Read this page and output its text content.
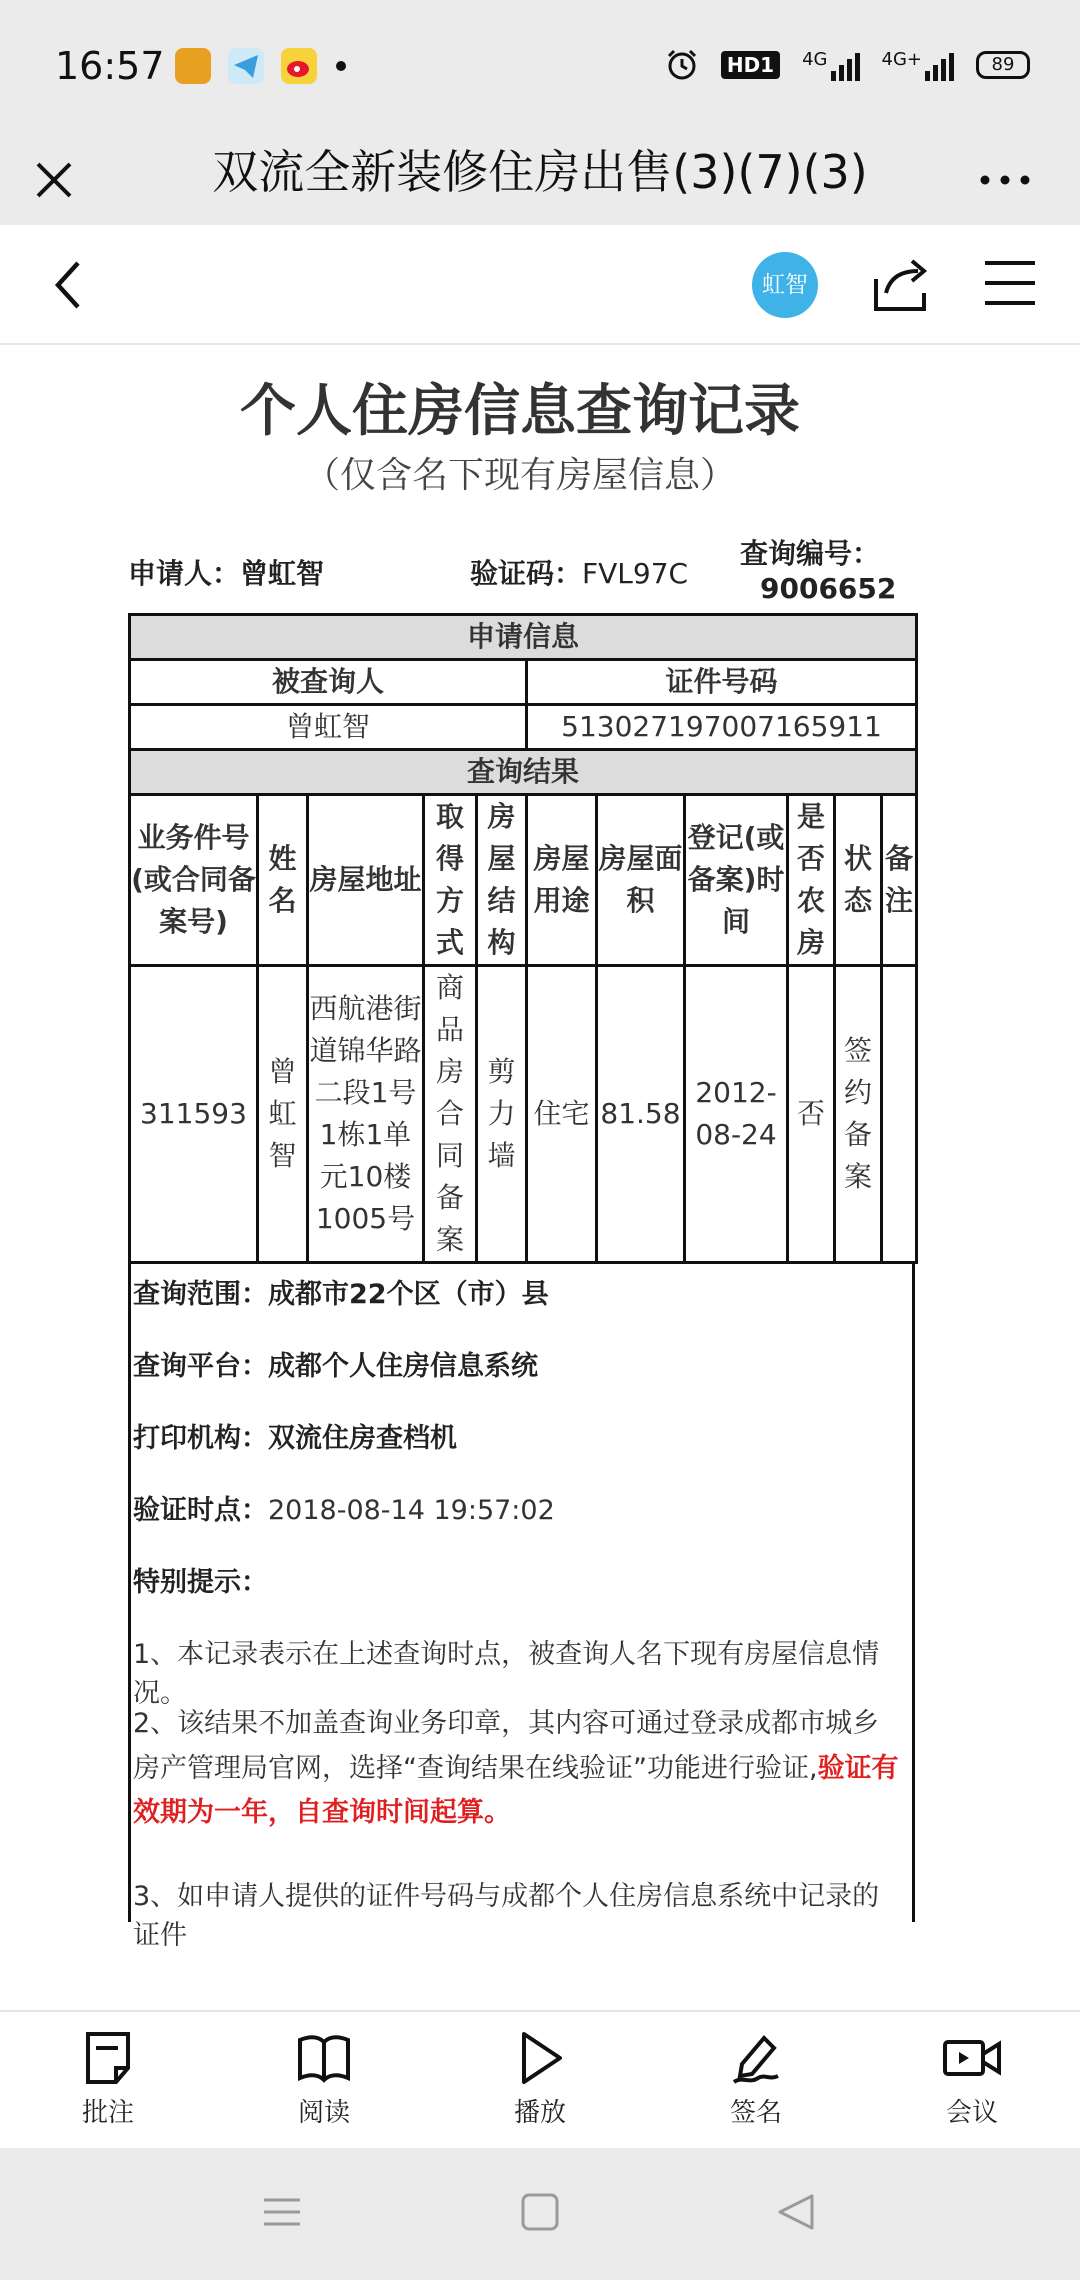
16:57	HD1	4G	4G+	89
双流全新装修住房出售(3)(7)(3)
虹智
个人住房信息查询记录
（仅含名下现有房屋信息）
申请人：曾虹智	验证码：FVL97C
查询编号：
9006652
申请信息										
被查询人					证件号码					
曾虹智					513027197007165911					
查询结果										
业务件号(或合同备案号)	姓名	房屋地址	取得方式	房屋结构	房屋用途	房屋面积	登记(或备案)时间	是否农房	状态	备注
311593	曾虹智	西航港街道锦华路二段1号1栋1单元10楼1005号	商品房合同备案	剪力墙	住宅	81.58	2012-08-24	否	签约备案	

查询范围：成都市22个区（市）县

查询平台：成都个人住房信息系统

打印机构：双流住房查档机

验证时点：2018-08-14 19:57:02

特别提示：

1、本记录表示在上述查询时点，被查询人名下现有房屋信息情况。

2、该结果不加盖查询业务印章，其内容可通过登录成都市城乡房产管理局官网，选择“查询结果在线验证”功能进行验证,验证有效期为一年，自查询时间起算。

3、如申请人提供的证件号码与成都个人住房信息系统中记录的证件

批注	阅读	播放	签名	会议
